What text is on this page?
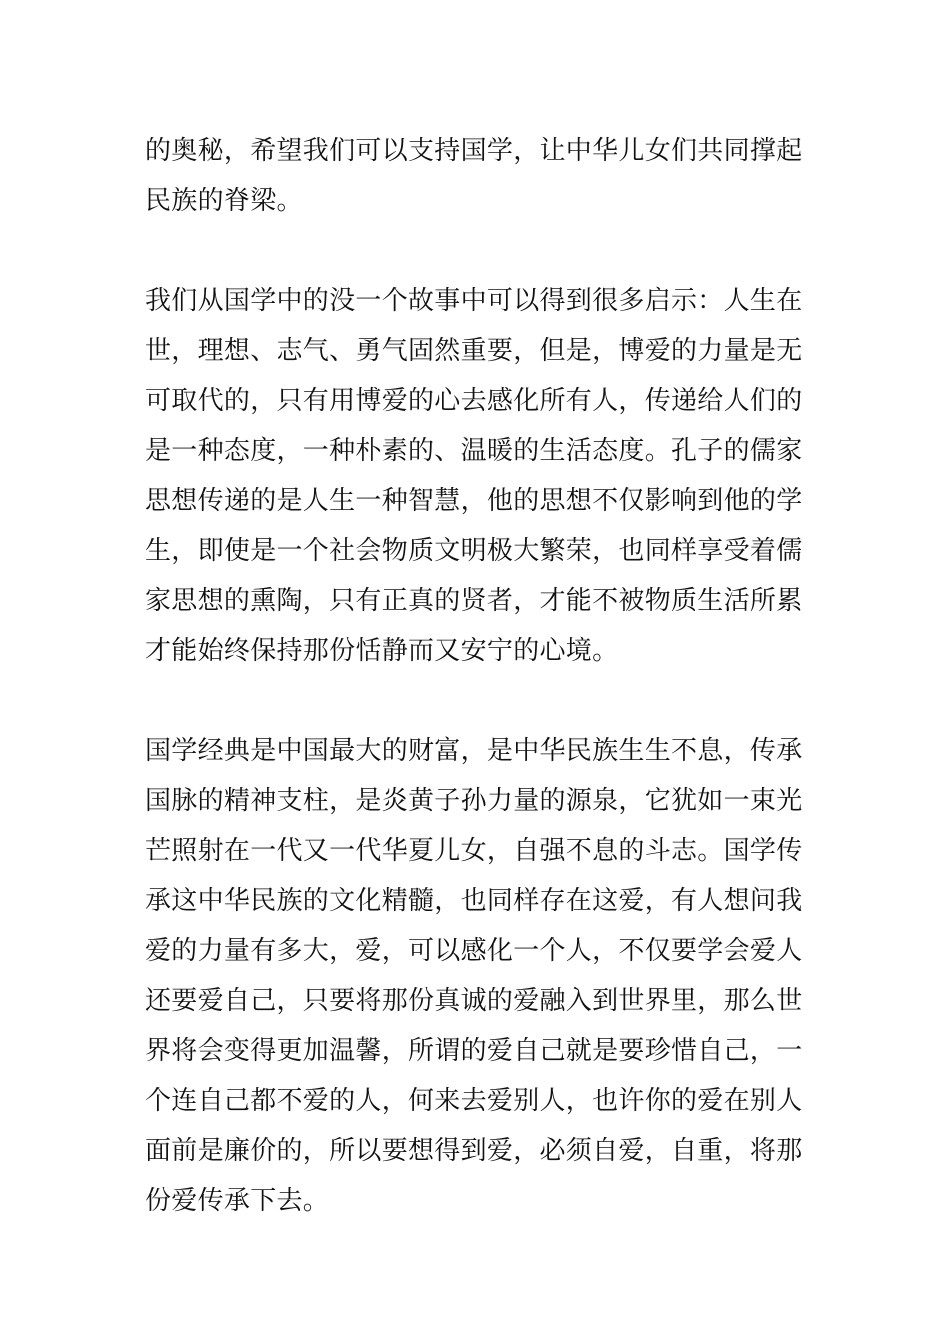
的奥秘，希望我们可以支持国学，让中华儿女们共同撑起
民族的脊梁。

我们从国学中的没一个故事中可以得到很多启示：人生在
世，理想、志气、勇气固然重要，但是，博爱的力量是无
可取代的，只有用博爱的心去感化所有人，传递给人们的
是一种态度，一种朴素的、温暖的生活态度。孔子的儒家
思想传递的是人生一种智慧，他的思想不仅影响到他的学
生，即使是一个社会物质文明极大繁荣，也同样享受着儒
家思想的熏陶，只有正真的贤者，才能不被物质生活所累
才能始终保持那份恬静而又安宁的心境。

国学经典是中国最大的财富，是中华民族生生不息，传承
国脉的精神支柱，是炎黄子孙力量的源泉，它犹如一束光
芒照射在一代又一代华夏儿女，自强不息的斗志。国学传
承这中华民族的文化精髓，也同样存在这爱，有人想问我
爱的力量有多大，爱，可以感化一个人，不仅要学会爱人
还要爱自己，只要将那份真诚的爱融入到世界里，那么世
界将会变得更加温馨，所谓的爱自己就是要珍惜自己，一
个连自己都不爱的人，何来去爱别人，也许你的爱在别人
面前是廉价的，所以要想得到爱，必须自爱，自重，将那
份爱传承下去。
